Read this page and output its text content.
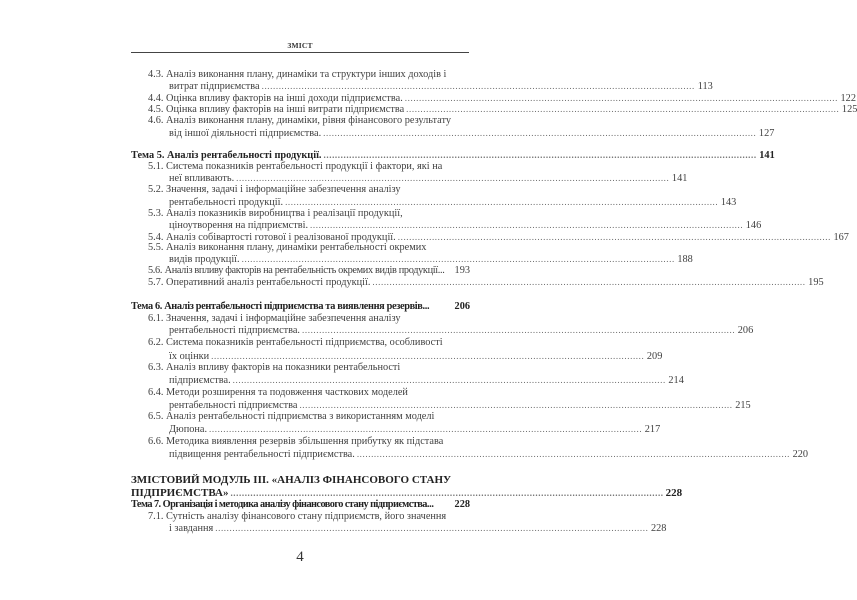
ЗМІСТ
4.3.
Аналіз виконання плану, динаміки та структури інших доходів і
витрат підприємства ........................................................................................................................................................ 113
4.4.
Оцінка впливу факторів на інші доходи підприємства. ........................................................................................................................................................ 122
4.5.
Оцінка впливу факторів на інші витрати підприємства ........................................................................................................................................................ 125
4.6.
Аналіз виконання плану, динаміки, рівня фінансового результату
від іншої діяльності підприємства. ........................................................................................................................................................ 127
Тема 5. Аналіз рентабельності продукції. ........................................................................................................................................................ 141
5.1.
Система показників рентабельності продукції і фактори, які на
неї впливають. ........................................................................................................................................................ 141
5.2.
Значення, задачі і інформаційне забезпечення аналізу
рентабельності продукції. ........................................................................................................................................................ 143
5.3.
Аналіз показників виробництва і реалізації продукції,
ціноутворення на підприємстві. ........................................................................................................................................................ 146
5.4.
Аналіз собівартості готової і реалізованої продукції. ........................................................................................................................................................ 167
5.5.
Аналіз виконання плану, динаміки рентабельності окремих
видів продукції. ........................................................................................................................................................ 188
5.6.
Аналіз впливу факторів на рентабельність окремих видів продукції ... 193
5.7.
Оперативний аналіз рентабельності продукції. ........................................................................................................................................................ 195
Тема 6. Аналіз рентабельності підприємства та виявлення резервів ... 206
6.1.
Значення, задачі і інформаційне забезпечення аналізу
рентабельності підприємства. ........................................................................................................................................................ 206
6.2.
Система показників рентабельності підприємства, особливості
їх оцінки ........................................................................................................................................................ 209
6.3.
Аналіз впливу факторів на показники рентабельності
підприємства. ........................................................................................................................................................ 214
6.4.
Методи розширення та подовження часткових моделей
рентабельності підприємства ........................................................................................................................................................ 215
6.5.
Аналіз рентабельності підприємства з використанням моделі
Дюпона. ........................................................................................................................................................ 217
6.6.
Методика виявлення резервів збільшення прибутку як підстава
підвищення рентабельності підприємства. ........................................................................................................................................................ 220
ЗМІСТОВИЙ МОДУЛЬ ІІІ. «АНАЛІЗ ФІНАНСОВОГО СТАНУ
ПІДПРИЄМСТВА» ........................................................................................................................................................ 228
Тема 7. Організація і методика аналізу фінансового стану підприємства ... 228
7.1.
Сутність аналізу фінансового стану підприємств, його значення
і завдання ........................................................................................................................................................ 228
4
